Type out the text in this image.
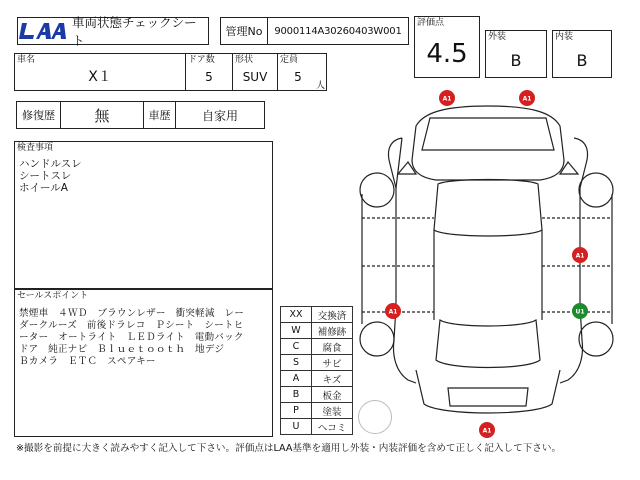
車両状態チェックシート
管理No	9000114A30260403W001
評価点
4.5
外装
B
内装
B
車名
X１
ドア数
5
形状
SUV
定員
5
人
修復歴	無	車歴	自家用
検査事項
ハンドルスレ
シートスレ
ホイールA
セールスポイント
禁煙車　４ＷＤ　ブラウンレザー　衝突軽減　レー
ダークルーズ　前後ドラレコ　Ｐシート　シートヒ
ーター　オートライト　ＬＥＤライト　電動バック
ドア　純正ナビ　Ｂｌｕｅｔｏｏｔｈ　地デジ
Ｂカメラ　ＥＴＣ　スペアキー
XX	交換済
W	補修跡
C	腐食
S	サビ
A	キズ
B	板金
P	塗装
U	ヘコミ
A1	A1
A1
A1	U1
A1
※撮影を前提に大きく読みやすく記入して下さい。評価点はLAA基準を適用し外装・内装評価を含めて正しく記入して下さい。
